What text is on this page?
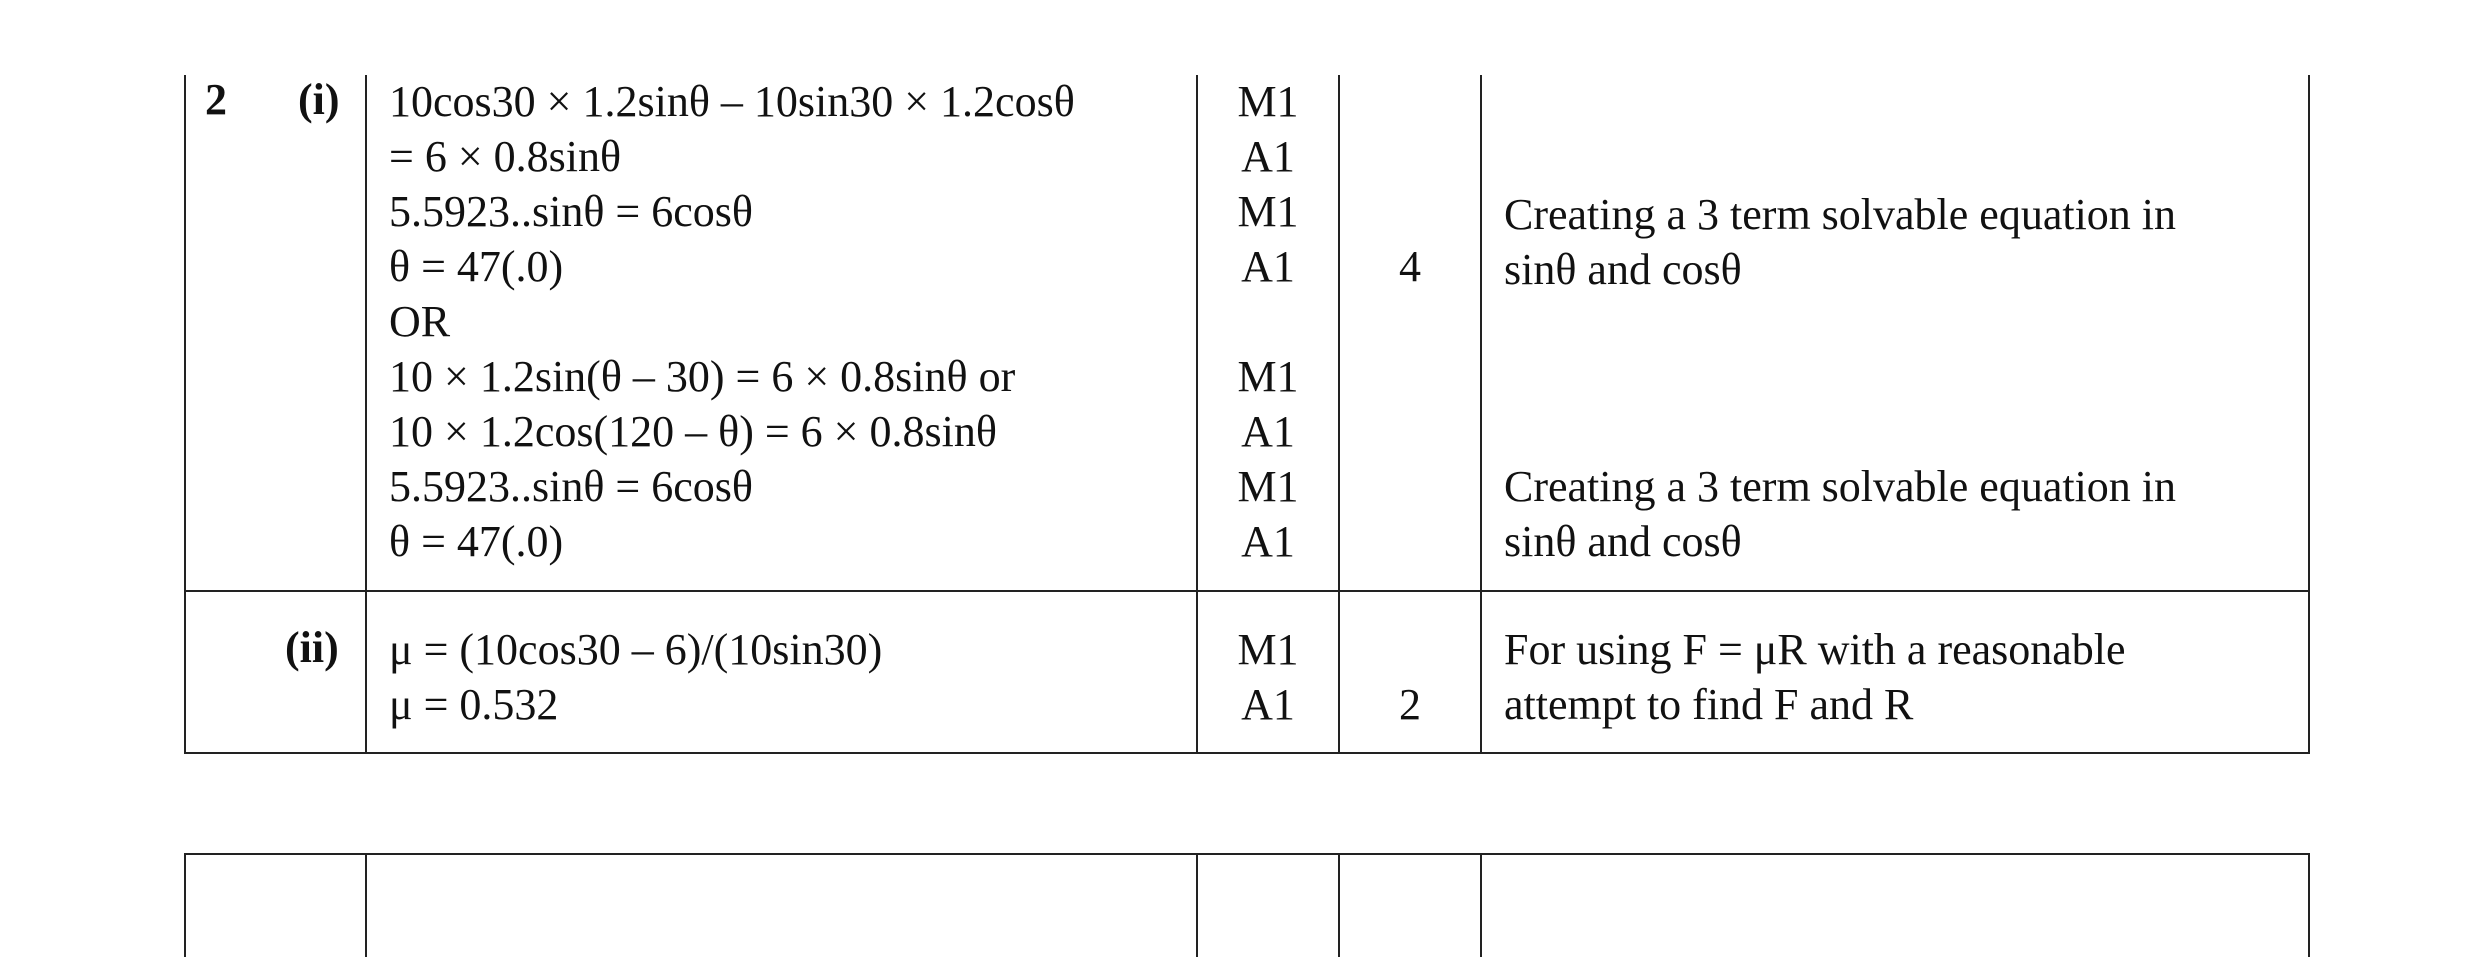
2 (i) 10cos30 × 1.2sinθ – 10sin30 × 1.2cosθ
= 6 × 0.8sinθ
5.5923..sinθ = 6cosθ
θ = 47(.0)
OR
10 × 1.2sin(θ – 30) = 6 × 0.8sinθ or
10 × 1.2cos(120 – θ) = 6 × 0.8sinθ
5.5923..sinθ = 6cosθ
θ = 47(.0)
M1
A1
M1
A1
M1
A1
M1
A1
4
Creating a 3 term solvable equation in
sinθ and cosθ
Creating a 3 term solvable equation in
sinθ and cosθ
(ii) μ = (10cos30 – 6)/(10sin30)
μ = 0.532
M1
A1	2
For using F = μR with a reasonable
attempt to find F and R
